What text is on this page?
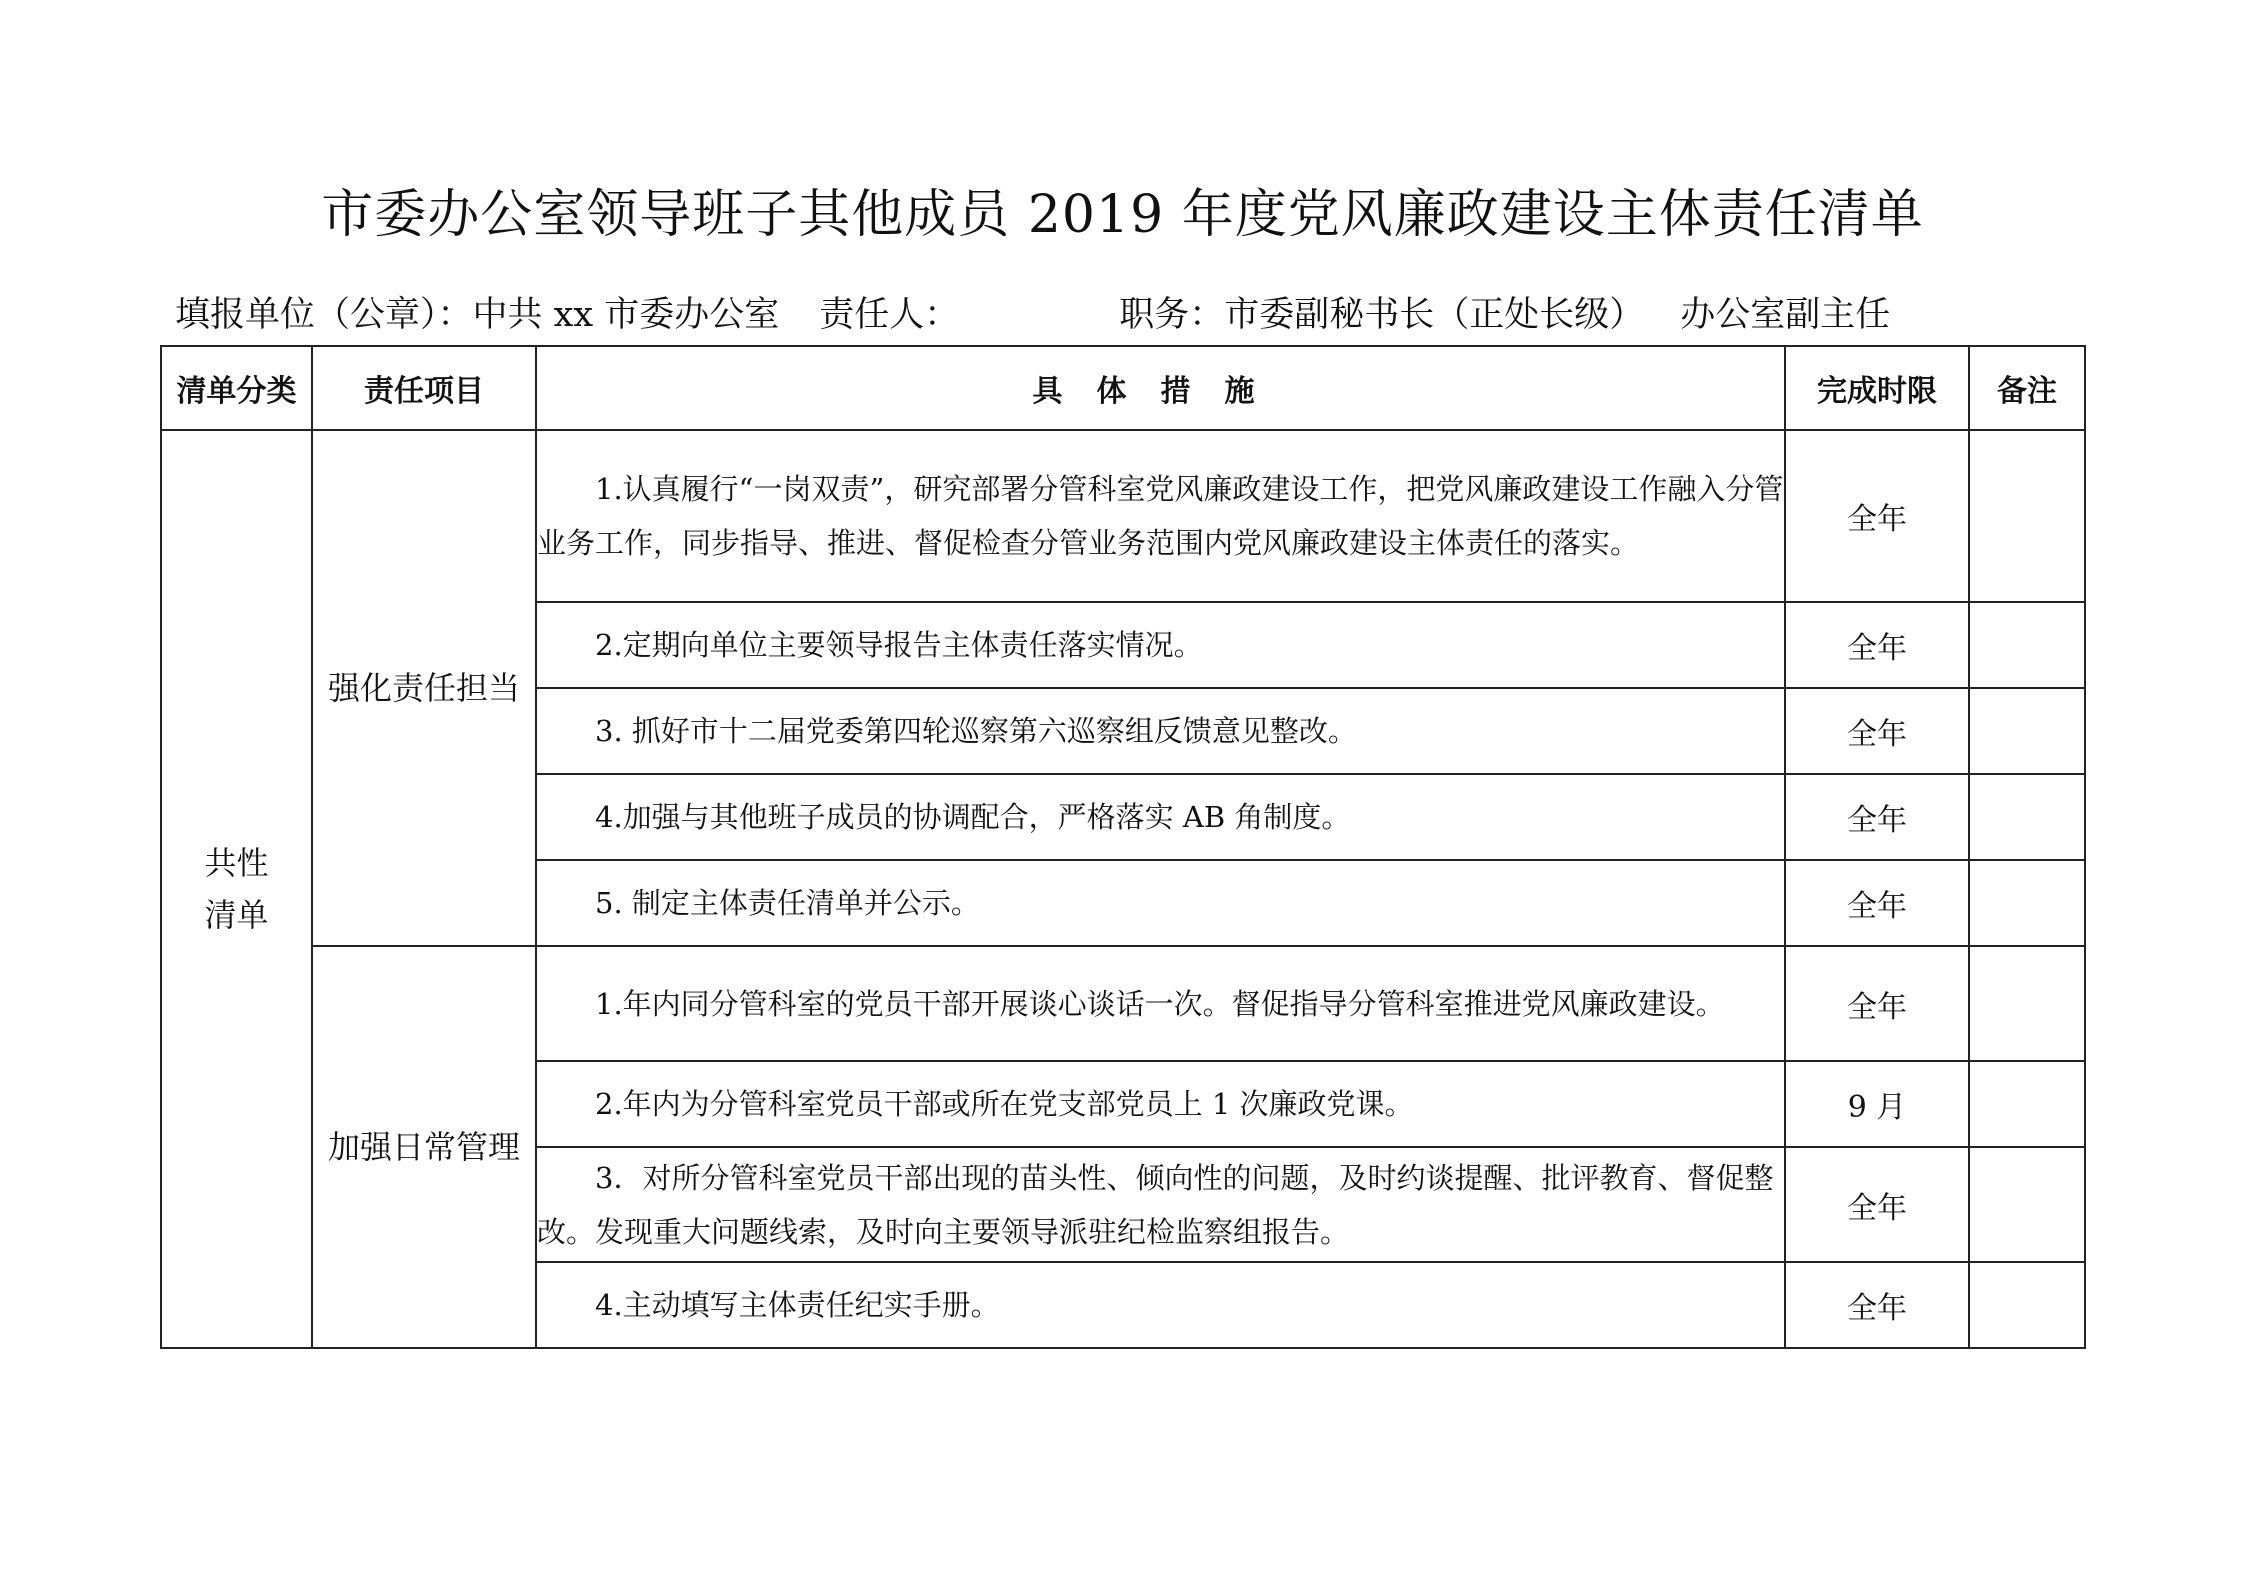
市委办公室领导班子其他成员 2019 年度党风廉政建设主体责任清单
填报单位（公章）：中共 xx 市委办公室 责任人：	职务：市委副秘书长（正处长级） 办公室副主任
清单分类	责任项目	具体措施	完成时限	备注

共性
清单	强化责任担当	1.认真履行“一岗双责”，研究部署分管科室党风廉政建设工作，把党风廉政建设工作融入分管业务工作，同步指导、推进、督促检查分管业务范围内党风廉政建设主体责任的落实。	全年	
		2.定期向单位主要领导报告主体责任落实情况。	全年	
		3. 抓好市十二届党委第四轮巡察第六巡察组反馈意见整改。	全年	
		4.加强与其他班子成员的协调配合，严格落实 AB 角制度。	全年	
		5. 制定主体责任清单并公示。	全年	
	加强日常管理	1.年内同分管科室的党员干部开展谈心谈话一次。督促指导分管科室推进党风廉政建设。	全年	
		2.年内为分管科室党员干部或所在党支部党员上 1 次廉政党课。	9 月	
		3．对所分管科室党员干部出现的苗头性、倾向性的问题，及时约谈提醒、批评教育、督促整改。发现重大问题线索，及时向主要领导派驻纪检监察组报告。	全年	
		4.主动填写主体责任纪实手册。	全年	
